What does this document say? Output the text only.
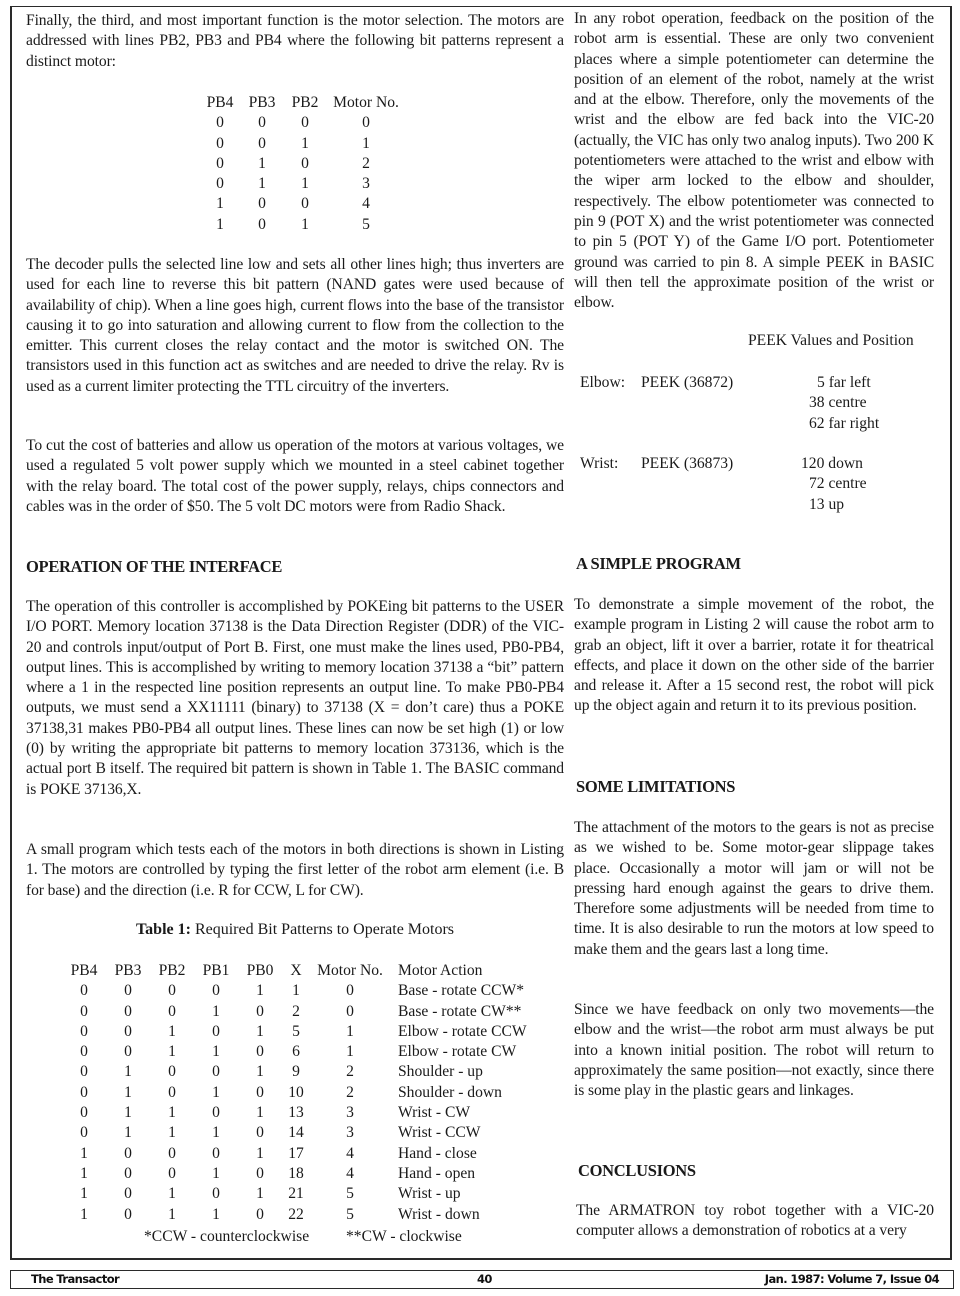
Finally, the third, and most important function is the motor selection. The motors are addressed with lines PB2, PB3 and PB4 where the following bit patterns represent a distinct motor:

PB4	PB3	PB2	Motor No.
0	0	0	0
0	0	1	1
0	1	0	2
0	1	1	3
1	0	0	4
1	0	1	5

The decoder pulls the selected line low and sets all other lines high; thus inverters are used for each line to reverse this bit pattern (NAND gates were used because of availability of chip). When a line goes high, current flows into the base of the transistor causing it to go into saturation and allowing current to flow from the collection to the emitter. This current closes the relay contact and the motor is switched ON. The transistors used in this function act as switches and are needed to drive the relay. Rv is used as a current limiter protecting the TTL circuitry of the inverters.

To cut the cost of batteries and allow us operation of the motors at various voltages, we used a regulated 5 volt power supply which we mounted in a steel cabinet together with the relay board. The total cost of the power supply, relays, chips connectors and cables was in the order of $50. The 5 volt DC motors were from Radio Shack.

OPERATION OF THE INTERFACE

The operation of this controller is accomplished by POKEing bit patterns to the USER I/O PORT. Memory location 37138 is the Data Direction Register (DDR) of the VIC-20 and controls input/output of Port B. First, one must make the lines used, PB0-PB4, output lines. This is accomplished by writing to memory location 37138 a “bit” pattern where a 1 in the respected line position represents an output line. To make PB0-PB4 outputs, we must send a XX11111 (binary) to 37138 (X = don’t care) thus a POKE 37138,31 makes PB0-PB4 all output lines. These lines can now be set high (1) or low (0) by writing the appropriate bit patterns to memory location 373136, which is the actual port B itself. The required bit pattern is shown in Table 1. The BASIC command is POKE 37136,X.

A small program which tests each of the motors in both directions is shown in Listing 1. The motors are controlled by typing the first letter of the robot arm element (i.e. B for base) and the direction (i.e. R for CCW, L for CW).

Table 1: Required Bit Patterns to Operate Motors
PB4	PB3	PB2	PB1	PB0	X	Motor No.	Motor Action
0	0	0	0	1	1	0	Base - rotate CCW*
0	0	0	1	0	2	0	Base - rotate CW**
0	0	1	0	1	5	1	Elbow - rotate CCW
0	0	1	1	0	6	1	Elbow - rotate CW
0	1	0	0	1	9	2	Shoulder - up
0	1	0	1	0	10	2	Shoulder - down
0	1	1	0	1	13	3	Wrist - CW
0	1	1	1	0	14	3	Wrist - CCW
1	0	0	0	1	17	4	Hand - close
1	0	0	1	0	18	4	Hand - open
1	0	1	0	1	21	5	Wrist - up
1	0	1	1	0	22	5	Wrist - down
*CCW - counterclockwise **CW - clockwise

In any robot operation, feedback on the position of the robot arm is essential. These are only two convenient places where a simple potentiometer can determine the position of an element of the robot, namely at the wrist and at the elbow. Therefore, only the movements of the wrist and the elbow are fed back into the VIC-20 (actually, the VIC has only two analog inputs). Two 200 K potentiometers were attached to the wrist and elbow with the wiper arm locked to the elbow and shoulder, respectively. The elbow potentiometer was connected to pin 9 (POT X) and the wrist potentiometer was connected to pin 5 (POT Y) of the Game I/O port. Potentiometer ground was carried to pin 8. A simple PEEK in BASIC will then tell the approximate position of the wrist or elbow.

PEEK Values and Position
Elbow:	PEEK (36872)	5 far left
38 centre
62 far right
Wrist:	PEEK (36873)	120 down
72 centre
13 up
A SIMPLE PROGRAM

To demonstrate a simple movement of the robot, the example program in Listing 2 will cause the robot arm to grab an object, lift it over a barrier, rotate it for theatrical effects, and place it down on the other side of the barrier and release it. After a 15 second rest, the robot will pick up the object again and return it to its previous position.

SOME LIMITATIONS

The attachment of the motors to the gears is not as precise as we wished to be. Some motor-gear slippage takes place. Occasionally a motor will jam or will not be pressing hard enough against the gears to drive them. Therefore some adjustments will be needed from time to time. It is also desirable to run the motors at low speed to make them and the gears last a long time.

Since we have feedback on only two movements—the elbow and the wrist—the robot arm must always be put into a known initial position. The robot will return to approximately the same position—not exactly, since there is some play in the plastic gears and linkages.

CONCLUSIONS

The ARMATRON toy robot together with a VIC-20 computer allows a demonstration of robotics at a very

The Transactor	40	Jan. 1987: Volume 7, Issue 04
